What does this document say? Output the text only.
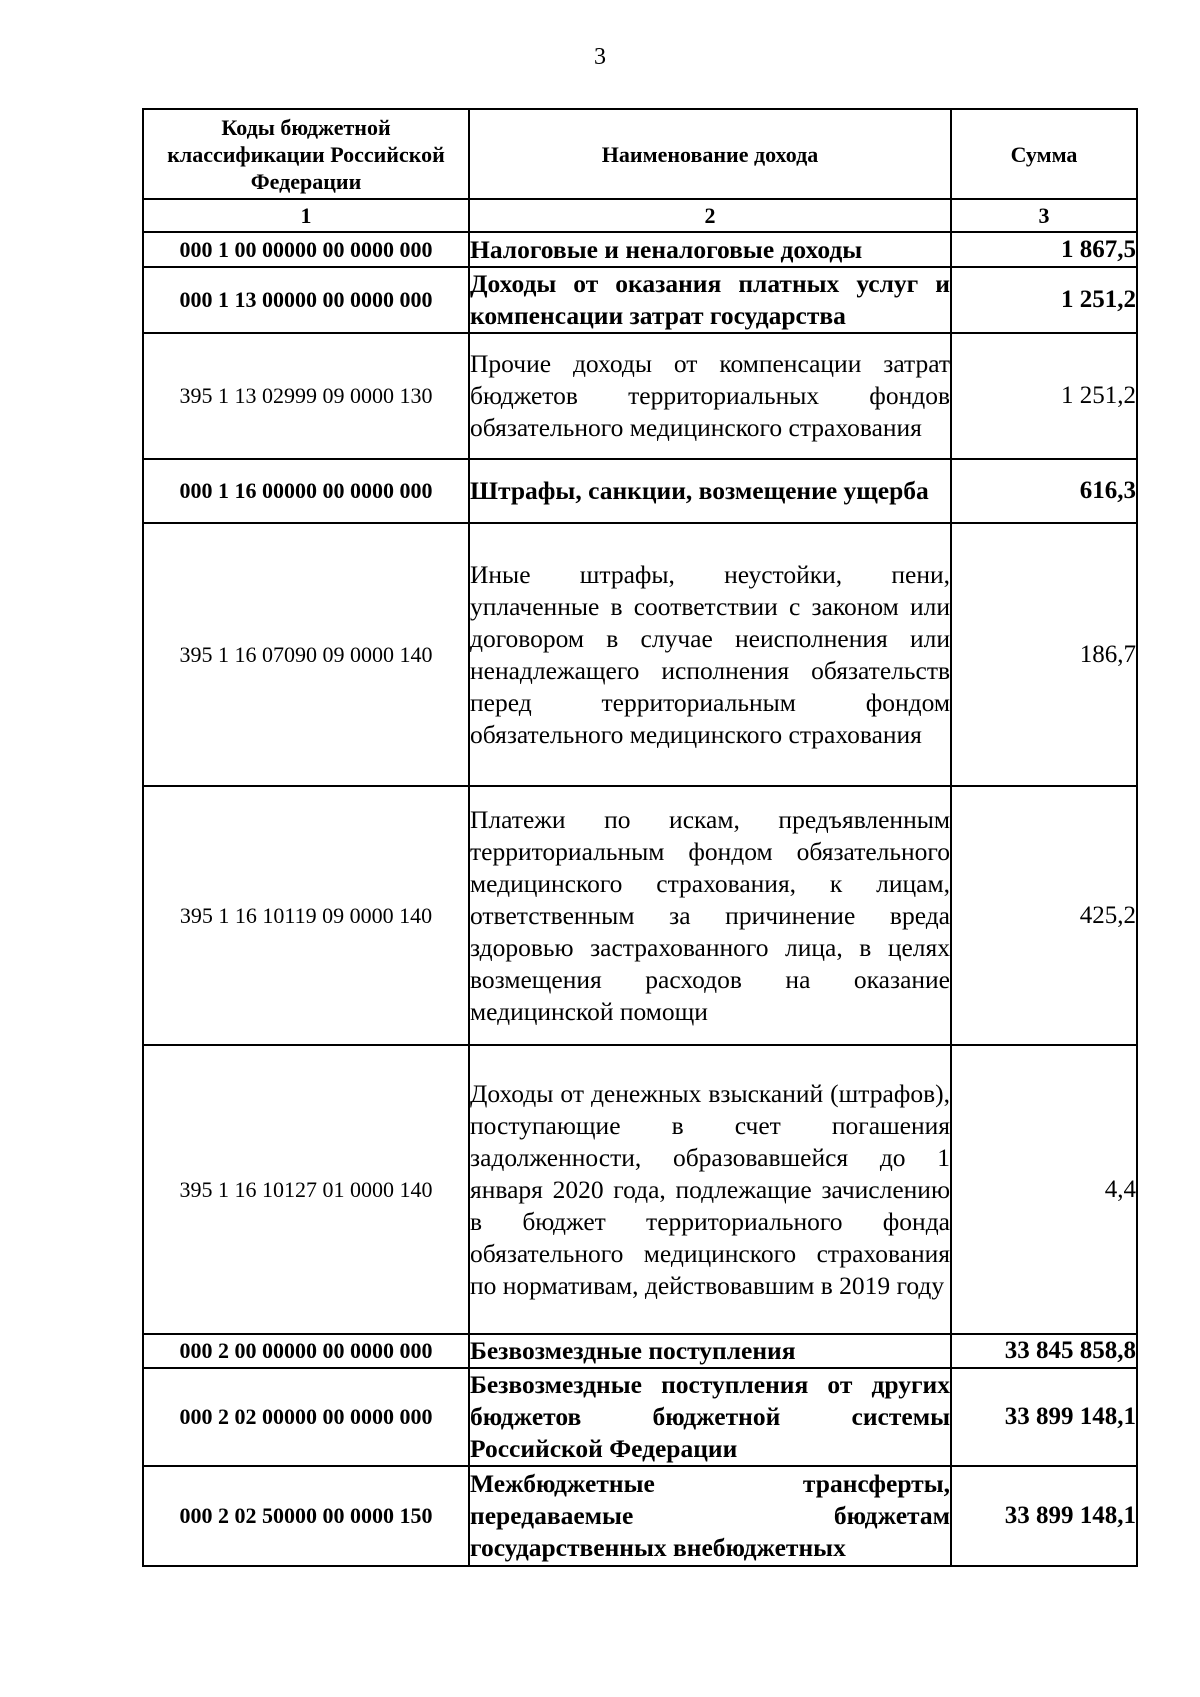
3
Коды бюджетной классификации Российской Федерации	Наименование дохода	Сумма
1	2	3
000 1 00 00000 00 0000 000	Налоговые и неналоговые доходы	1 867,5
000 1 13 00000 00 0000 000	Доходы от оказания платных услуг и компенсации затрат государства	1 251,2
395 1 13 02999 09 0000 130	Прочие доходы от компенсации затрат бюджетов территориальных фондов обязательного медицинского страхования	1 251,2
000 1 16 00000 00 0000 000	Штрафы, санкции, возмещение ущерба	616,3
395 1 16 07090 09 0000 140	Иные штрафы, неустойки, пени, уплаченные в соответствии с законом или договором в случае неисполнения или ненадлежащего исполнения обязательств перед территориальным фондом обязательного медицинского страхования	186,7
395 1 16 10119 09 0000 140	Платежи по искам, предъявленным территориальным фондом обязательного медицинского страхования, к лицам, ответственным за причинение вреда здоровью застрахованного лица, в целях возмещения расходов на оказание медицинской помощи	425,2
395 1 16 10127 01 0000 140	Доходы от денежных взысканий (штрафов), поступающие в счет погашения задолженности, образовавшейся до 1 января 2020 года, подлежащие зачислению в бюджет территориального фонда обязательного медицинского страхования по нормативам, действовавшим в 2019 году	4,4
000 2 00 00000 00 0000 000	Безвозмездные поступления	33 845 858,8
000 2 02 00000 00 0000 000	Безвозмездные поступления от других бюджетов бюджетной системы Российской Федерации	33 899 148,1
000 2 02 50000 00 0000 150	Межбюджетные трансферты, передаваемые бюджетам государственных внебюджетных	33 899 148,1
